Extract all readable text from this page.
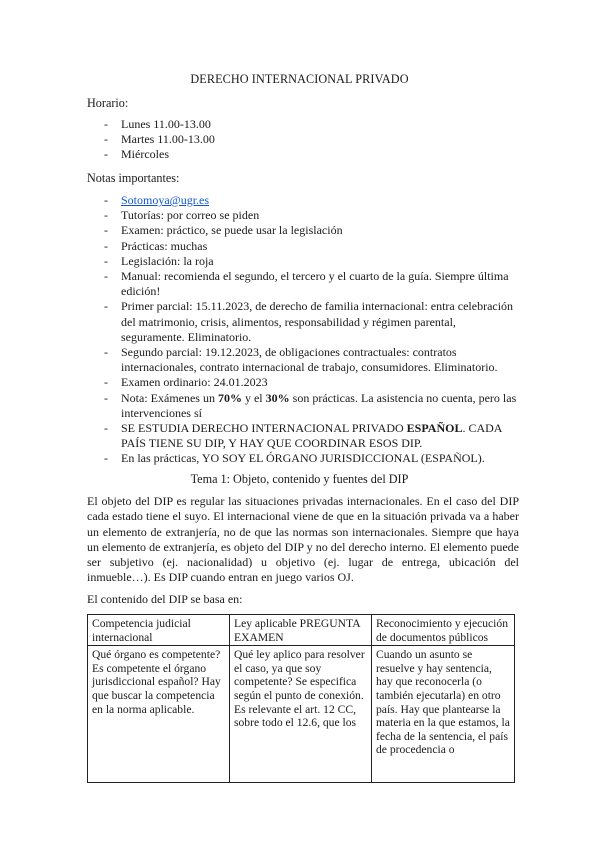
DERECHO INTERNACIONAL PRIVADO
Horario:
- Lunes 11.00-13.00
- Martes 11.00-13.00
- Miércoles
Notas importantes:
- Sotomoya@ugr.es
- Tutorías: por correo se piden
- Examen: práctico, se puede usar la legislación
- Prácticas: muchas
- Legislación: la roja
- Manual: recomienda el segundo, el tercero y el cuarto de la guía. Siempre última edición!
- Primer parcial: 15.11.2023, de derecho de familia internacional: entra celebración del matrimonio, crisis, alimentos, responsabilidad y régimen parental, seguramente. Eliminatorio.
- Segundo parcial: 19.12.2023, de obligaciones contractuales: contratos internacionales, contrato internacional de trabajo, consumidores. Eliminatorio.
- Examen ordinario: 24.01.2023
- Nota: Exámenes un 70% y el 30% son prácticas. La asistencia no cuenta, pero las intervenciones sí
- SE ESTUDIA DERECHO INTERNACIONAL PRIVADO ESPAÑOL. CADA PAÍS TIENE SU DIP, Y HAY QUE COORDINAR ESOS DIP.
- En las prácticas, YO SOY EL ÓRGANO JURISDICCIONAL (ESPAÑOL).
Tema 1: Objeto, contenido y fuentes del DIP
El objeto del DIP es regular las situaciones privadas internacionales. En el caso del DIP cada estado tiene el suyo. El internacional viene de que en la situación privada va a haber un elemento de extranjería, no de que las normas son internacionales. Siempre que haya un elemento de extranjería, es objeto del DIP y no del derecho interno. El elemento puede ser subjetivo (ej. nacionalidad) u objetivo (ej. lugar de entrega, ubicación del inmueble…). Es DIP cuando entran en juego varios OJ.
El contenido del DIP se basa en:
Competencia judicial internacional	Ley aplicable PREGUNTA EXAMEN	Reconocimiento y ejecución de documentos públicos
Qué órgano es competente? Es competente el órgano jurisdiccional español? Hay que buscar la competencia en la norma aplicable.	Qué ley aplico para resolver el caso, ya que soy competente? Se especifica según el punto de conexión. Es relevante el art. 12 CC, sobre todo el 12.6, que los	Cuando un asunto se resuelve y hay sentencia, hay que reconocerla (o también ejecutarla) en otro país. Hay que plantearse la materia en la que estamos, la fecha de la sentencia, el país de procedencia o
